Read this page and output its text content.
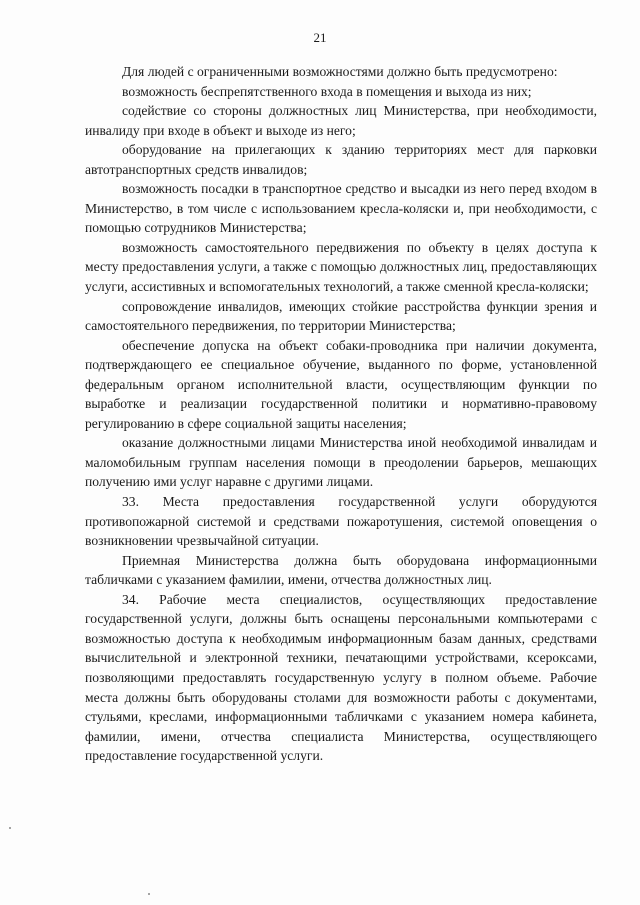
21

Для людей с ограниченными возможностями должно быть предусмотрено:

возможность беспрепятственного входа в помещения и выхода из них;

содействие со стороны должностных лиц Министерства, при необходимости, инвалиду при входе в объект и выходе из него;

оборудование на прилегающих к зданию территориях мест для парковки автотранспортных средств инвалидов;

возможность посадки в транспортное средство и высадки из него перед входом в Министерство, в том числе с использованием кресла-коляски и, при необходимости, с помощью сотрудников Министерства;

возможность самостоятельного передвижения по объекту в целях доступа к месту предоставления услуги, а также с помощью должностных лиц, предоставляющих услуги, ассистивных и вспомогательных технологий, а также сменной кресла-коляски;

сопровождение инвалидов, имеющих стойкие расстройства функции зрения и самостоятельного передвижения, по территории Министерства;

обеспечение допуска на объект собаки-проводника при наличии документа, подтверждающего ее специальное обучение, выданного по форме, установленной федеральным органом исполнительной власти, осуществляющим функции по выработке и реализации государственной политики и нормативно-правовому регулированию в сфере социальной защиты населения;

оказание должностными лицами Министерства иной необходимой инвалидам и маломобильным группам населения помощи в преодолении барьеров, мешающих получению ими услуг наравне с другими лицами.

33. Места предоставления государственной услуги оборудуются противопожарной системой и средствами пожаротушения, системой оповещения о возникновении чрезвычайной ситуации.

Приемная Министерства должна быть оборудована информационными табличками с указанием фамилии, имени, отчества должностных лиц.

34. Рабочие места специалистов, осуществляющих предоставление государственной услуги, должны быть оснащены персональными компьютерами с возможностью доступа к необходимым информационным базам данных, средствами вычислительной и электронной техники, печатающими устройствами, ксероксами, позволяющими предоставлять государственную услугу в полном объеме. Рабочие места должны быть оборудованы столами для возможности работы с документами, стульями, креслами, информационными табличками с указанием номера кабинета, фамилии, имени, отчества специалиста Министерства, осуществляющего предоставление государственной услуги.
